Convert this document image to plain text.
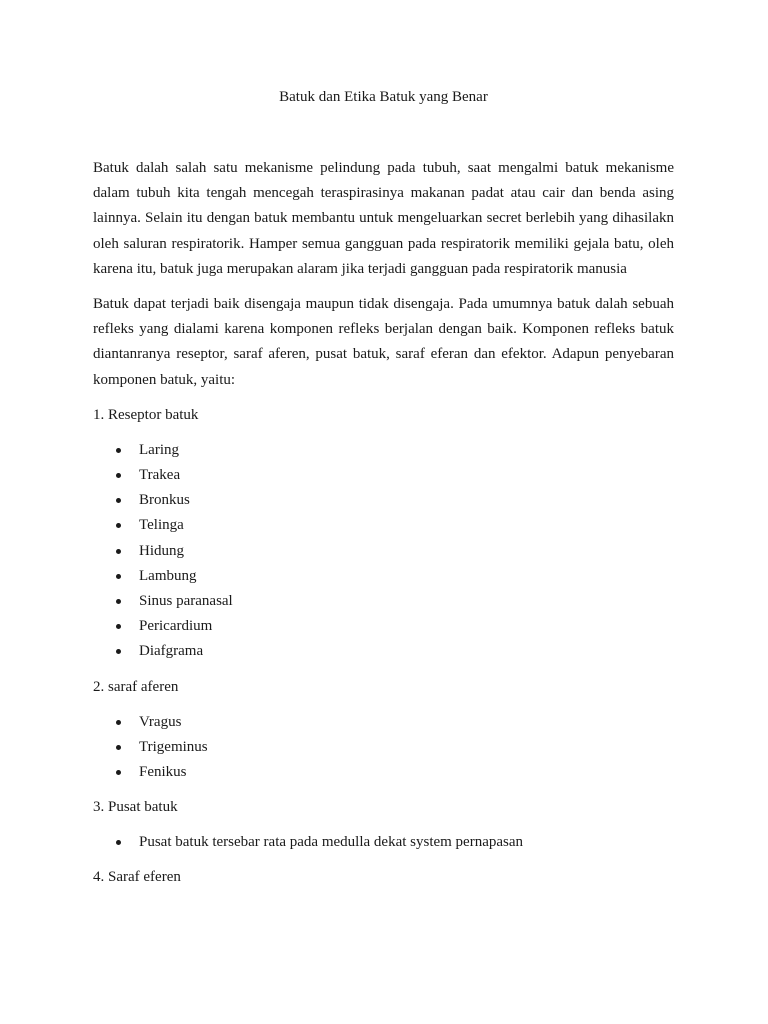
Batuk dan Etika Batuk yang Benar

Batuk dalah salah satu mekanisme pelindung pada tubuh, saat mengalmi batuk mekanisme dalam tubuh kita tengah mencegah teraspirasinya makanan padat atau cair dan benda asing lainnya. Selain itu dengan batuk membantu untuk mengeluarkan secret berlebih yang dihasilakn oleh saluran respiratorik. Hamper semua gangguan pada respiratorik memiliki gejala batu, oleh karena itu, batuk juga merupakan alaram jika terjadi gangguan pada respiratorik manusia

Batuk dapat terjadi baik disengaja maupun tidak disengaja. Pada umumnya batuk dalah sebuah refleks yang dialami karena komponen refleks berjalan dengan baik. Komponen refleks batuk diantanranya reseptor, saraf aferen, pusat batuk, saraf eferan dan efektor. Adapun penyebaran komponen batuk, yaitu:

1. Reseptor batuk
Laring
Trakea
Bronkus
Telinga
Hidung
Lambung
Sinus paranasal
Pericardium
Diafgrama
2. saraf aferen
Vragus
Trigeminus
Fenikus
3. Pusat batuk
Pusat batuk tersebar rata pada medulla dekat system pernapasan
4. Saraf eferen
